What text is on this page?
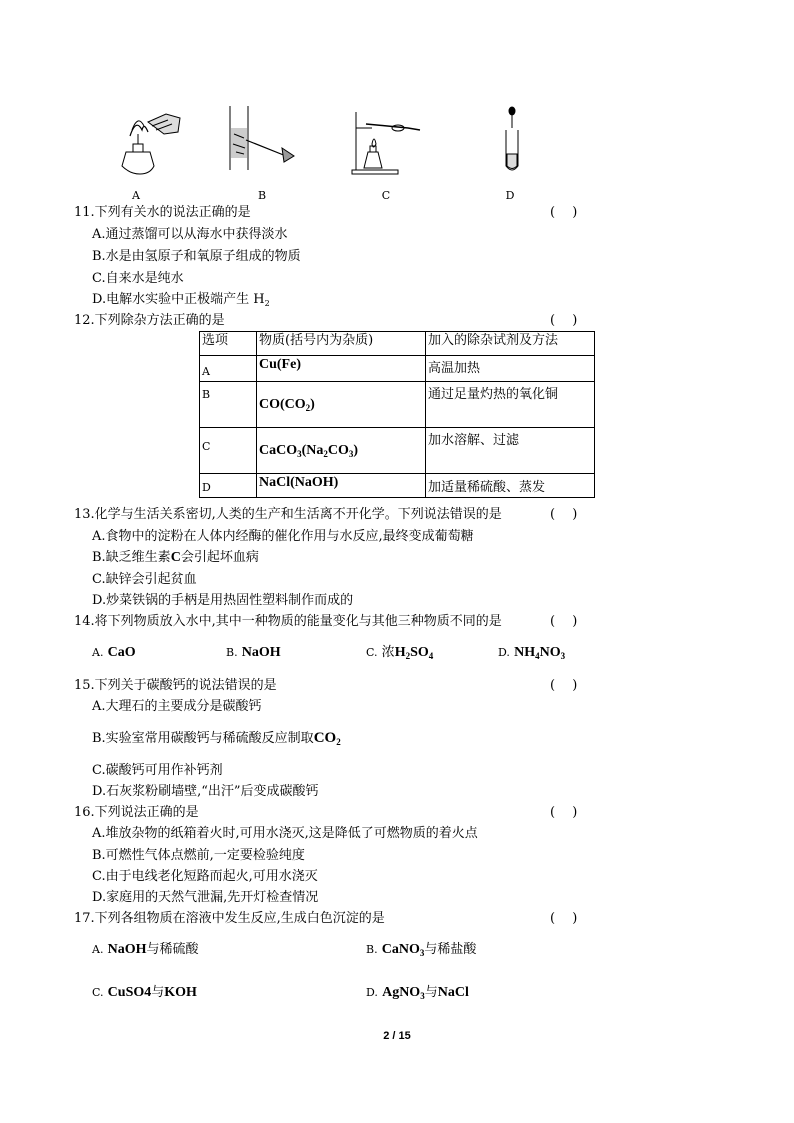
A	B	C	D
11.下列有关水的说法正确的是	(　 )
A.通过蒸馏可以从海水中获得淡水
B.水是由氢原子和氧原子组成的物质
C.自来水是纯水
D.电解水实验中正极端产生 $H_2$
12.下列除杂方法正确的是	(　 )
选项	物质(括号内为杂质)	加入的除杂试剂及方法
A	Cu(Fe)	高温加热
B	$CO(CO_2)$	通过足量灼热的氧化铜
C	$CaCO_3(Na_2CO_3)$	加水溶解、过滤
D	NaCl(NaOH)	加适量稀硫酸、蒸发
13.化学与生活关系密切,人类的生产和生活离不开化学。下列说法错误的是	(　 )
A.食物中的淀粉在人体内经酶的催化作用与水反应,最终变成葡萄糖
B.缺乏维生素C会引起坏血病
C.缺锌会引起贫血
D.炒菜铁锅的手柄是用热固性塑料制作而成的
14.将下列物质放入水中,其中一种物质的能量变化与其他三种物质不同的是	(　 )
A. CaO	B. NaOH	C. 浓$H_2SO_4$	D. $NH_4NO_3$
15.下列关于碳酸钙的说法错误的是	(　 )
A.大理石的主要成分是碳酸钙
B.实验室常用碳酸钙与稀硫酸反应制取$CO_2$
C.碳酸钙可用作补钙剂
D.石灰浆粉刷墙壁,“出汗”后变成碳酸钙
16.下列说法正确的是	(　 )
A.堆放杂物的纸箱着火时,可用水浇灭,这是降低了可燃物质的着火点
B.可燃性气体点燃前,一定要检验纯度
C.由于电线老化短路而起火,可用水浇灭
D.家庭用的天然气泄漏,先开灯检查情况
17.下列各组物质在溶液中发生反应,生成白色沉淀的是	(　 )
A. NaOH与稀硫酸	B. CaNO$_3$与稀盐酸
C. CuSO4与KOH	D. AgNO$_3$与NaCl
2 / 15
